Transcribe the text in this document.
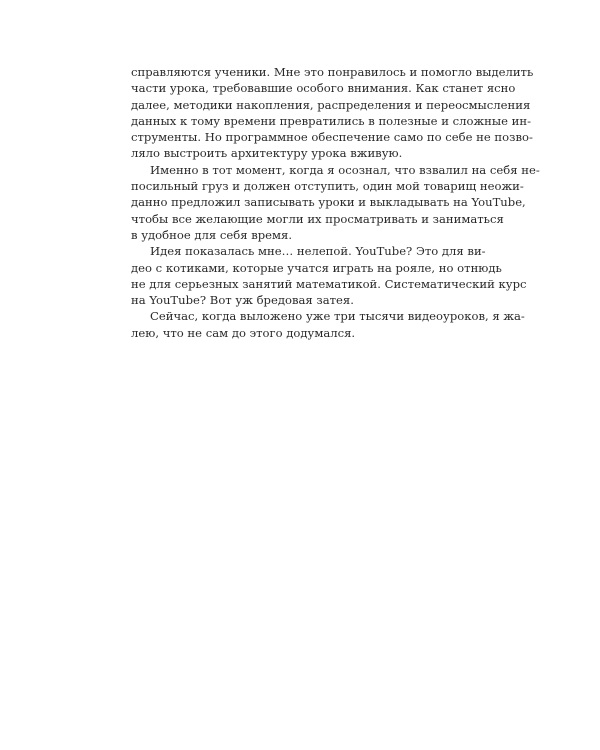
справляются ученики. Мне это понравилось и помогло выделить
части урока, требовавшие особого внимания. Как станет ясно
далее, методики накопления, распределения и переосмысления
данных к тому времени превратились в полезные и сложные ин-
струменты. Но программное обеспечение само по себе не позво-
ляло выстроить архитектуру урока вживую.
Именно в тот момент, когда я осознал, что взвалил на себя не-
посильный груз и должен отступить, один мой товарищ неожи-
данно предложил записывать уроки и выкладывать на YouTube,
чтобы все желающие могли их просматривать и заниматься
в удобное для себя время.
Идея показалась мне… нелепой. YouTube? Это для ви-
део с котиками, которые учатся играть на рояле, но отнюдь
не для серьезных занятий математикой. Систематический курс
на YouTube? Вот уж бредовая затея.
Сейчас, когда выложено уже три тысячи видеоуроков, я жа-
лею, что не сам до этого додумался.
